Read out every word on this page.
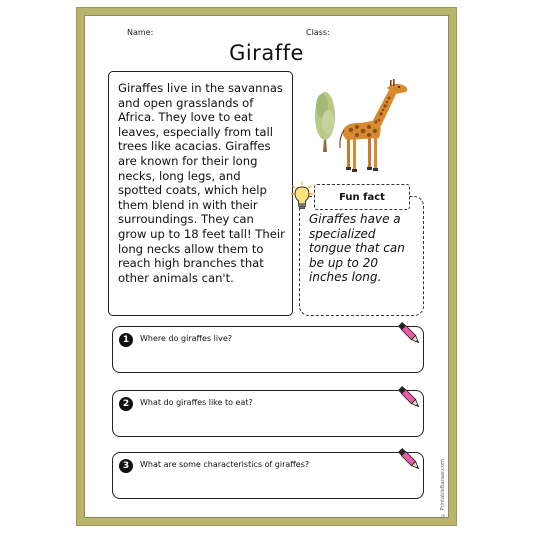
Name:	Class:
Giraffe
Giraffes live in the savannas and open grasslands of Africa. They love to eat leaves, especially from tall trees like acacias. Giraffes are known for their long necks, long legs, and spotted coats, which help them blend in with their surroundings. They can grow up to 18 feet tall! Their long necks allow them to reach high branches that other animals can't.
Fun fact
Giraffes have a specialized tongue that can be up to 20 inches long.
1	Where do giraffes live?
2	What do giraffes like to eat?
3	What are some characteristics of giraffes?	© PrintableBazaar.com
